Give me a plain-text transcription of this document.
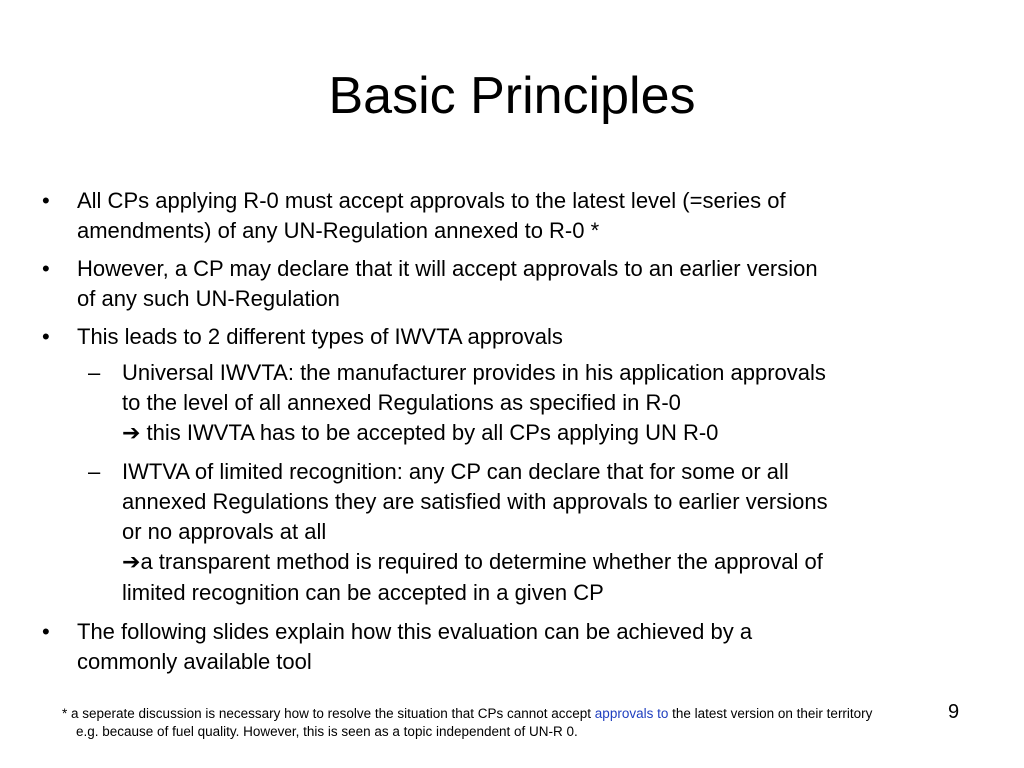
Basic Principles
• All CPs applying R-0 must accept approvals to the latest level (=series of
amendments) of any UN-Regulation annexed to R-0 *
• However, a CP may declare that it will accept approvals to an earlier version
of any such UN-Regulation
• This leads to 2 different types of IWVTA approvals
– Universal IWVTA: the manufacturer provides in his application approvals
to the level of all annexed Regulations as specified in R-0
➔ this IWVTA has to be accepted by all CPs applying UN R-0
– IWTVA of limited recognition: any CP can declare that for some or all
annexed Regulations they are satisfied with approvals to earlier versions
or no approvals at all
➔a transparent method is required to determine whether the approval of
limited recognition can be accepted in a given CP
• The following slides explain how this evaluation can be achieved by a
commonly available tool
* a seperate discussion is necessary how to resolve the situation that CPs cannot accept approvals to the latest version on their territory
e.g. because of fuel quality. However, this is seen as a topic independent of UN-R 0.
9
